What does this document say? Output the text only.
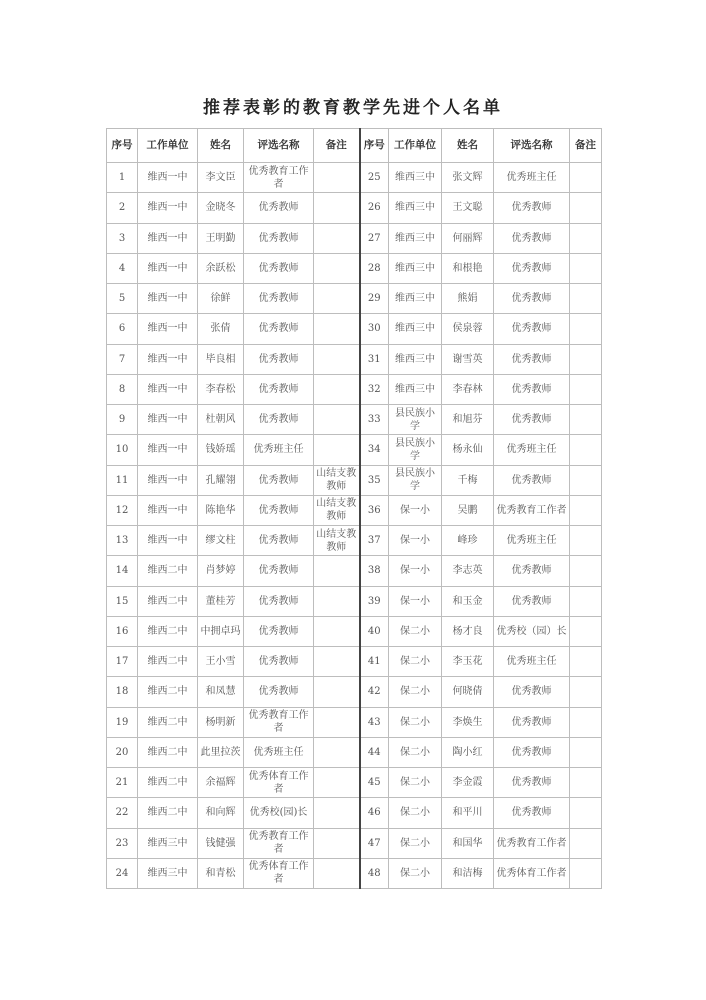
推荐表彰的教育教学先进个人名单
序号	工作单位	姓名	评选名称	备注	序号	工作单位	姓名	评选名称	备注
1	维西一中	李文臣	优秀教育工作者		25	维西三中	张文辉	优秀班主任	
2	维西一中	金晓冬	优秀教师		26	维西三中	王文聪	优秀教师	
3	维西一中	王明勤	优秀教师		27	维西三中	何丽辉	优秀教师	
4	维西一中	余跃松	优秀教师		28	维西三中	和根艳	优秀教师	
5	维西一中	徐鲜	优秀教师		29	维西三中	熊娟	优秀教师	
6	维西一中	张倩	优秀教师		30	维西三中	侯泉蓉	优秀教师	
7	维西一中	毕良相	优秀教师		31	维西三中	谢雪英	优秀教师	
8	维西一中	李春松	优秀教师		32	维西三中	李春林	优秀教师	
9	维西一中	杜朝风	优秀教师		33	县民族小学	和旭芬	优秀教师	
10	维西一中	钱娇瑶	优秀班主任		34	县民族小学	杨永仙	优秀班主任	
11	维西一中	孔耀翎	优秀教师	山结支教教师	35	县民族小学	千梅	优秀教师	
12	维西一中	陈艳华	优秀教师	山结支教教师	36	保一小	吴鹏	优秀教育工作者	
13	维西一中	缪文柱	优秀教师	山结支教教师	37	保一小	峰珍	优秀班主任	
14	维西二中	肖梦婷	优秀教师		38	保一小	李志英	优秀教师	
15	维西二中	董桂芳	优秀教师		39	保一小	和玉金	优秀教师	
16	维西二中	中拥卓玛	优秀教师		40	保二小	杨才良	优秀校（园）长	
17	维西二中	王小雪	优秀教师		41	保二小	李玉花	优秀班主任	
18	维西二中	和凤慧	优秀教师		42	保二小	何晓倩	优秀教师	
19	维西二中	杨明新	优秀教育工作者		43	保二小	李焕生	优秀教师	
20	维西二中	此里拉茨	优秀班主任		44	保二小	陶小红	优秀教师	
21	维西二中	余福辉	优秀体育工作者		45	保二小	李金霞	优秀教师	
22	维西二中	和向辉	优秀校(园)长		46	保二小	和平川	优秀教师	
23	维西三中	钱健强	优秀教育工作者		47	保二小	和国华	优秀教育工作者	
24	维西三中	和青松	优秀体育工作者		48	保二小	和洁梅	优秀体育工作者	
